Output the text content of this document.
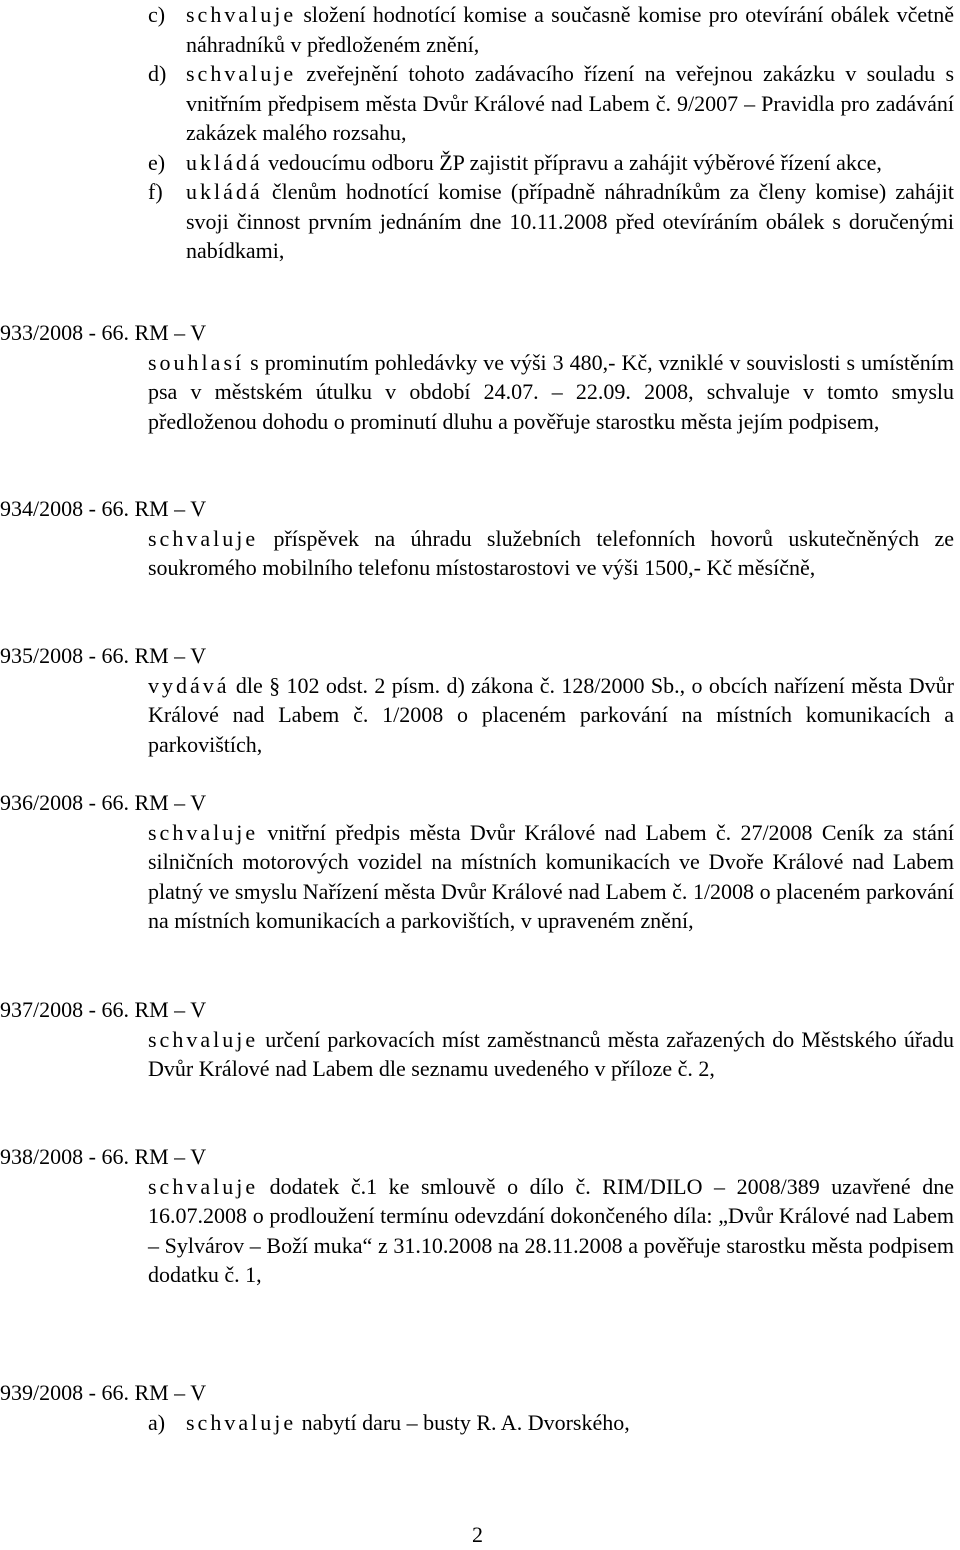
c) schvaluje složení hodnotící komise a současně komise pro otevírání obálek včetně náhradníků v předloženém znění,
d) schvaluje zveřejnění tohoto zadávacího řízení na veřejnou zakázku v souladu s vnitřním předpisem města Dvůr Králové nad Labem č. 9/2007 – Pravidla pro zadávání zakázek malého rozsahu,
e) ukládá vedoucímu odboru ŽP zajistit přípravu a zahájit výběrové řízení akce,
f) ukládá členům hodnotící komise (případně náhradníkům za členy komise) zahájit svoji činnost prvním jednáním dne 10.11.2008 před otevíráním obálek s doručenými nabídkami,
933/2008 - 66. RM – V

souhlasí s prominutím pohledávky ve výši 3 480,- Kč, vzniklé v souvislosti s umístěním psa v městském útulku v období 24.07. – 22.09. 2008, schvaluje v tomto smyslu předloženou dohodu o prominutí dluhu a pověřuje starostku města jejím podpisem,

934/2008 - 66. RM – V

schvaluje příspěvek na úhradu služebních telefonních hovorů uskutečněných ze soukromého mobilního telefonu místostarostovi ve výši 1500,- Kč měsíčně,

935/2008 - 66. RM – V

vydává dle § 102 odst. 2 písm. d) zákona č. 128/2000 Sb., o obcích nařízení města Dvůr Králové nad Labem č. 1/2008 o placeném parkování na místních komunikacích a parkovištích,

936/2008 - 66. RM – V

schvaluje vnitřní předpis města Dvůr Králové nad Labem č. 27/2008 Ceník za stání silničních motorových vozidel na místních komunikacích ve Dvoře Králové nad Labem platný ve smyslu Nařízení města Dvůr Králové nad Labem č. 1/2008 o placeném parkování na místních komunikacích a parkovištích, v upraveném znění,

937/2008 - 66. RM – V

schvaluje určení parkovacích míst zaměstnanců města zařazených do Městského úřadu Dvůr Králové nad Labem dle seznamu uvedeného v příloze č. 2,

938/2008 - 66. RM – V

schvaluje dodatek č.1 ke smlouvě o dílo č. RIM/DILO – 2008/389 uzavřené dne 16.07.2008 o prodloužení termínu odevzdání dokončeného díla: „Dvůr Králové nad Labem – Sylvárov – Boží muka“ z 31.10.2008 na 28.11.2008 a pověřuje starostku města podpisem dodatku č. 1,

939/2008 - 66. RM – V
a) schvaluje nabytí daru – busty R. A. Dvorského,
2
